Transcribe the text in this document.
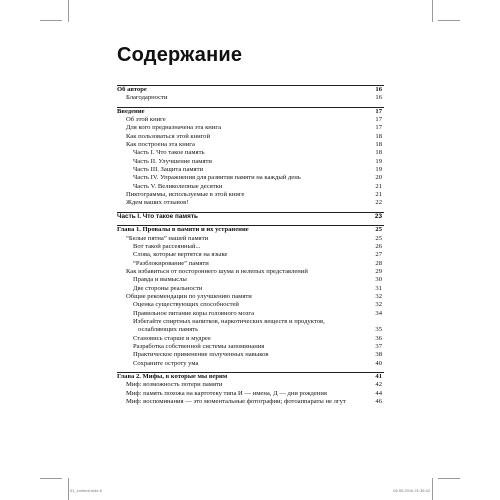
Содержание
Об авторе	16
Благодарности	16
Введение	17
Об этой книге	17
Для кого предназначена эта книга	17
Как пользоваться этой книгой	18
Как построена эта книга	18
Часть I. Что такое память	18
Часть II. Улучшение памяти	19
Часть III. Защита памяти	19
Часть IV. Упражнения для развития памяти на каждый день	20
Часть V. Великолепные десятки	21
Пиктограммы, используемые в этой книге	21
Ждем ваших отзывов!	22
Часть I. Что такое память	23
Глава 1. Провалы в памяти и их устранение	25
“Белые пятна” нашей памяти	25
Вот такой рассеянный...	26
Слова, которые вертятся на языке	27
“Разблокирование” памяти	28
Как избавиться от постороннего шума и нелепых представлений	29
Правда и вымыслы	30
Две стороны реальности	31
Общие рекомендации по улучшению памяти	32
Оценка существующих способностей	32
Правильное питание коры головного мозга	34
Избегайте спиртных напитков, наркотических веществ и продуктов,
ослабляющих память	35
Становись старше и мудрее	36
Разработка собственной системы запоминания	37
Практическое применение полученных навыков	38
Сохраните остроту ума	40
Глава 2. Мифы, в которые мы верим	41
Миф: возможность потери памяти	42
Миф: память похожа на картотеку типа И — имена, Д — дни рождения	44
Миф: воспоминания — это моментальные фотографии; фотоаппараты не лгут	46
01_content.indd 6	06.05.2016 21:36:42
